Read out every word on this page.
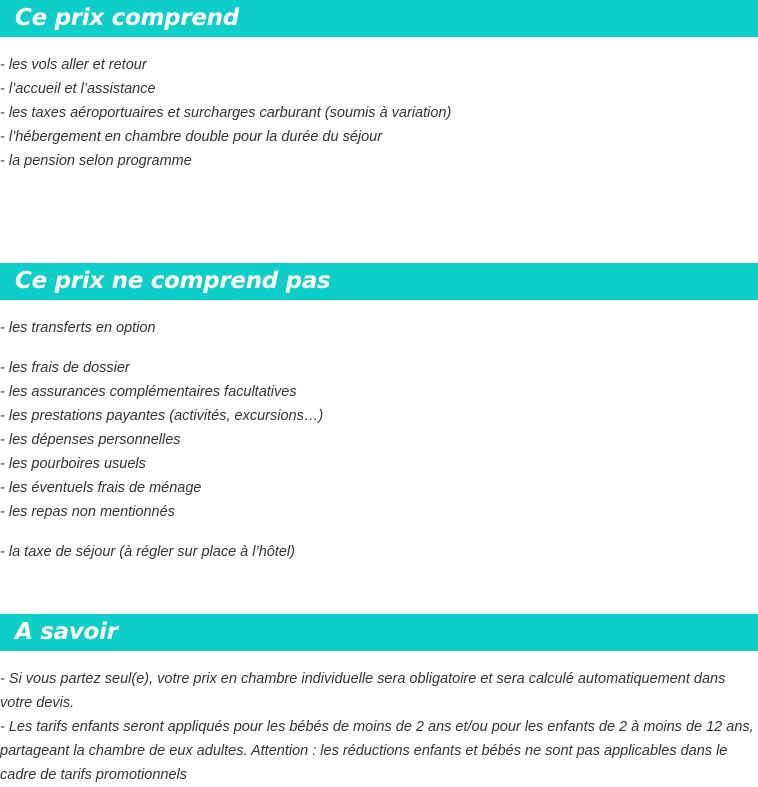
Ce prix comprend
- les vols aller et retour
- l’accueil et l’assistance
- les taxes aéroportuaires et surcharges carburant (soumis à variation)
- l’hébergement en chambre double pour la durée du séjour
- la pension selon programme
Ce prix ne comprend pas
- les transferts en option
- les frais de dossier
- les assurances complémentaires facultatives
- les prestations payantes (activités, excursions…)
- les dépenses personnelles
- les pourboires usuels
- les éventuels frais de ménage
- les repas non mentionnés
- la taxe de séjour (à régler sur place à l’hôtel)
A savoir
- Si vous partez seul(e), votre prix en chambre individuelle sera obligatoire et sera calculé automatiquement dans votre devis.
- Les tarifs enfants seront appliqués pour les bébés de moins de 2 ans et/ou pour les enfants de 2 à moins de 12 ans, partageant la chambre de eux adultes. Attention : les réductions enfants et bébés ne sont pas applicables dans le cadre de tarifs promotionnels
